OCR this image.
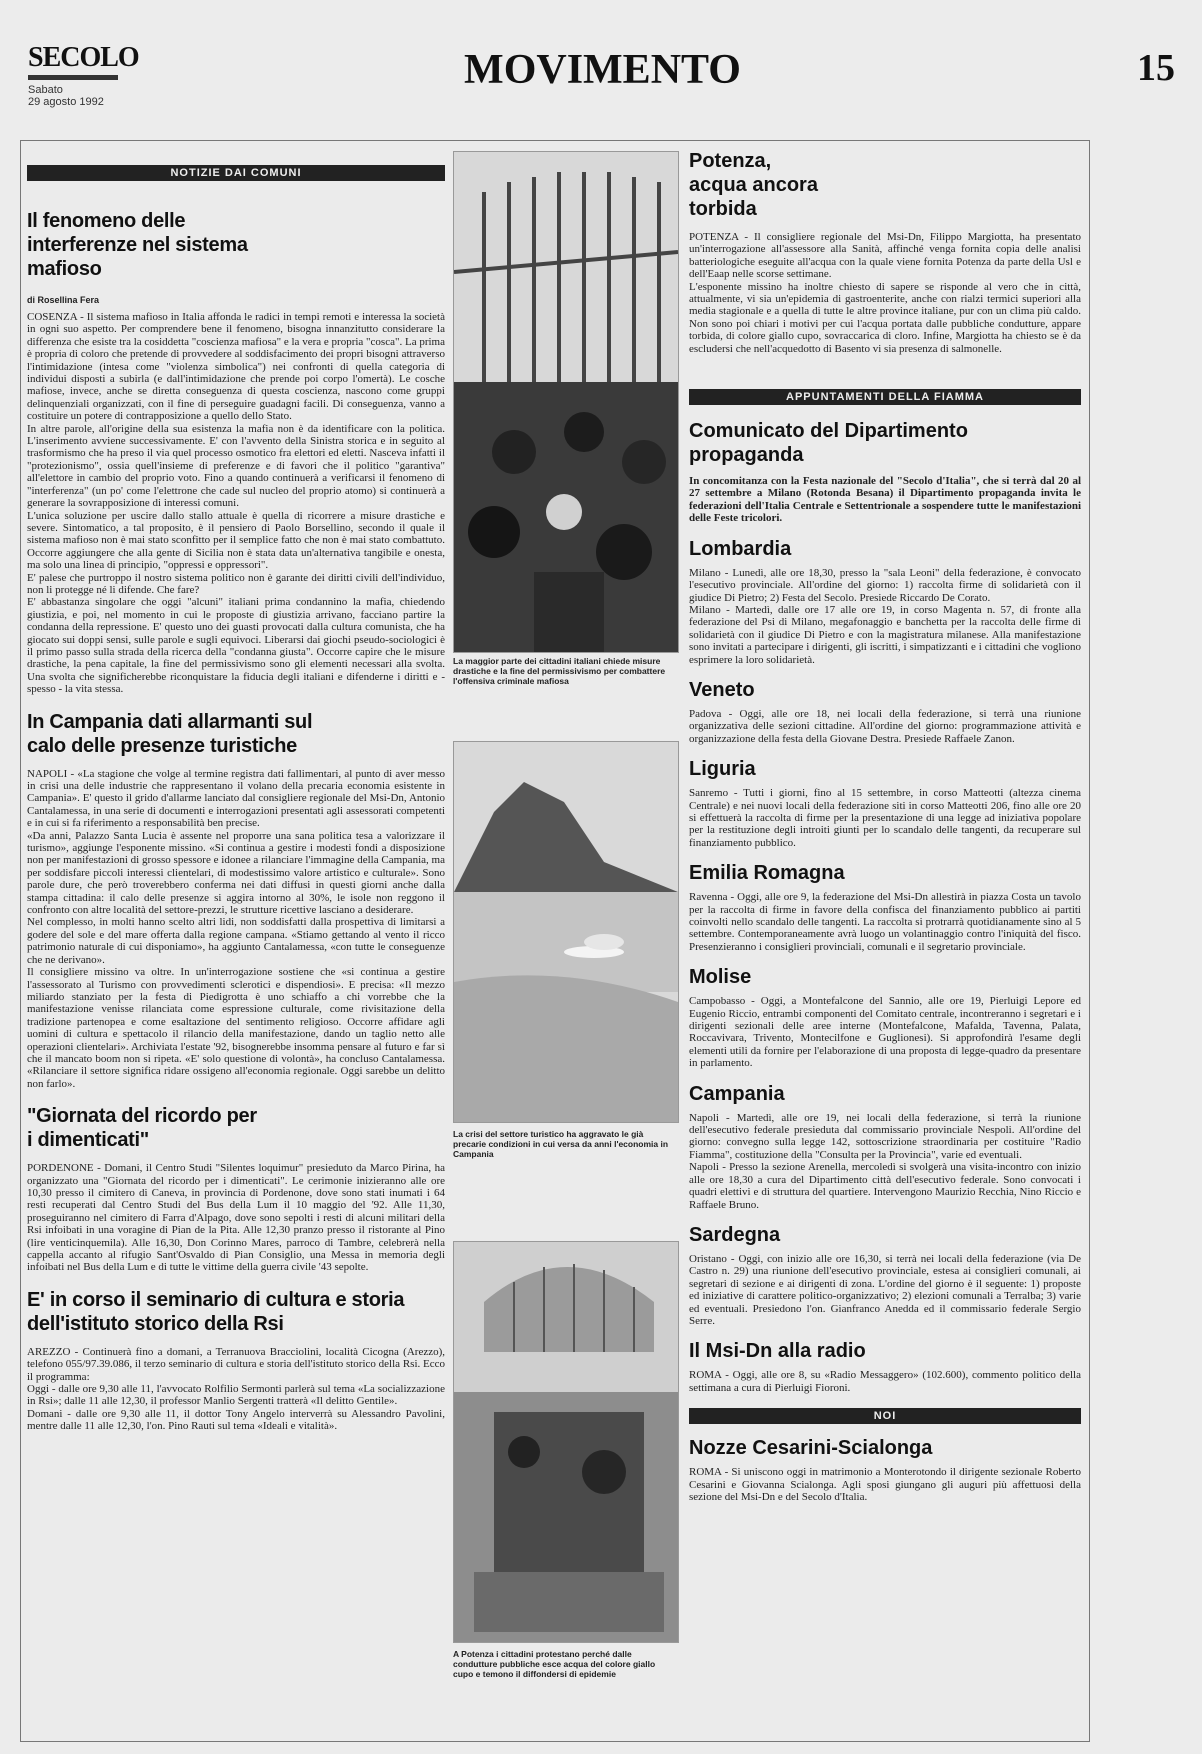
SECOLO
Sabato
29 agosto 1992
MOVIMENTO	15
NOTIZIE DAI COMUNI
Il fenomeno delle interferenze nel sistema mafioso

di Rosellina Fera

COSENZA - Il sistema mafioso in Italia affonda le radici in tempi remoti e interessa la società in ogni suo aspetto. Per comprendere bene il fenomeno, bisogna innanzitutto considerare la differenza che esiste tra la cosiddetta "coscienza mafiosa" e la vera e propria "cosca". La prima è propria di coloro che pretende di provvedere al soddisfacimento dei propri bisogni attraverso l'intimidazione (intesa come "violenza simbolica") nei confronti di quella categoria di individui disposti a subirla (e dall'intimidazione che prende poi corpo l'omertà). Le cosche mafiose, invece, anche se diretta conseguenza di questa coscienza, nascono come gruppi delinquenziali organizzati, con il fine di perseguire guadagni facili. Di conseguenza, vanno a costituire un potere di contrapposizione a quello dello Stato.

In altre parole, all'origine della sua esistenza la mafia non è da identificare con la politica. L'inserimento avviene successivamente. E' con l'avvento della Sinistra storica e in seguito al trasformismo che ha preso il via quel processo osmotico fra elettori ed eletti. Nasceva infatti il "protezionismo", ossia quell'insieme di preferenze e di favori che il politico "garantiva" all'elettore in cambio del proprio voto. Fino a quando continuerà a verificarsi il fenomeno di "interferenza" (un po' come l'elettrone che cade sul nucleo del proprio atomo) si continuerà a generare la sovrapposizione di interessi comuni.

L'unica soluzione per uscire dallo stallo attuale è quella di ricorrere a misure drastiche e severe. Sintomatico, a tal proposito, è il pensiero di Paolo Borsellino, secondo il quale il sistema mafioso non è mai stato sconfitto per il semplice fatto che non è mai stato combattuto. Occorre aggiungere che alla gente di Sicilia non è stata data un'alternativa tangibile e onesta, ma solo una linea di principio, "oppressi e oppressori".

E' palese che purtroppo il nostro sistema politico non è garante dei diritti civili dell'individuo, non li protegge né li difende. Che fare?

E' abbastanza singolare che oggi "alcuni" italiani prima condannino la mafia, chiedendo giustizia, e poi, nel momento in cui le proposte di giustizia arrivano, facciano partire la condanna della repressione. E' questo uno dei guasti provocati dalla cultura comunista, che ha giocato sui doppi sensi, sulle parole e sugli equivoci. Liberarsi dai giochi pseudo-sociologici è il primo passo sulla strada della ricerca della "condanna giusta". Occorre capire che le misure drastiche, la pena capitale, la fine del permissivismo sono gli elementi necessari alla svolta. Una svolta che significherebbe riconquistare la fiducia degli italiani e difenderne i diritti e - spesso - la vita stessa.

In Campania dati allarmanti sul calo delle presenze turistiche

NAPOLI - «La stagione che volge al termine registra dati fallimentari, al punto di aver messo in crisi una delle industrie che rappresentano il volano della precaria economia esistente in Campania». E' questo il grido d'allarme lanciato dal consigliere regionale del Msi-Dn, Antonio Cantalamessa, in una serie di documenti e interrogazioni presentati agli assessorati competenti e in cui si fa riferimento a responsabilità ben precise.

«Da anni, Palazzo Santa Lucia è assente nel proporre una sana politica tesa a valorizzare il turismo», aggiunge l'esponente missino. «Si continua a gestire i modesti fondi a disposizione non per manifestazioni di grosso spessore e idonee a rilanciare l'immagine della Campania, ma per soddisfare piccoli interessi clientelari, di modestissimo valore artistico e culturale». Sono parole dure, che però troverebbero conferma nei dati diffusi in questi giorni anche dalla stampa cittadina: il calo delle presenze si aggira intorno al 30%, le isole non reggono il confronto con altre località del settore-prezzi, le strutture ricettive lasciano a desiderare.

Nel complesso, in molti hanno scelto altri lidi, non soddisfatti dalla prospettiva di limitarsi a godere del sole e del mare offerta dalla regione campana. «Stiamo gettando al vento il ricco patrimonio naturale di cui disponiamo», ha aggiunto Cantalamessa, «con tutte le conseguenze che ne derivano».

Il consigliere missino va oltre. In un'interrogazione sostiene che «si continua a gestire l'assessorato al Turismo con provvedimenti sclerotici e dispendiosi». E precisa: «Il mezzo miliardo stanziato per la festa di Piedigrotta è uno schiaffo a chi vorrebbe che la manifestazione venisse rilanciata come espressione culturale, come rivisitazione della tradizione partenopea e come esaltazione del sentimento religioso. Occorre affidare agli uomini di cultura e spettacolo il rilancio della manifestazione, dando un taglio netto alle operazioni clientelari». Archiviata l'estate '92, bisognerebbe insomma pensare al futuro e far sì che il mancato boom non si ripeta. «E' solo questione di volontà», ha concluso Cantalamessa. «Rilanciare il settore significa ridare ossigeno all'economia regionale. Oggi sarebbe un delitto non farlo».

"Giornata del ricordo per i dimenticati"

PORDENONE - Domani, il Centro Studi "Silentes loquimur" presieduto da Marco Pirina, ha organizzato una "Giornata del ricordo per i dimenticati". Le cerimonie inizieranno alle ore 10,30 presso il cimitero di Caneva, in provincia di Pordenone, dove sono stati inumati i 64 resti recuperati dal Centro Studi del Bus della Lum il 10 maggio del '92. Alle 11,30, proseguiranno nel cimitero di Farra d'Alpago, dove sono sepolti i resti di alcuni militari della Rsi infoibati in una voragine di Pian de la Pita. Alle 12,30 pranzo presso il ristorante al Pino (lire venticinquemila). Alle 16,30, Don Corinno Mares, parroco di Tambre, celebrerà nella cappella accanto al rifugio Sant'Osvaldo di Pian Consiglio, una Messa in memoria degli infoibati nel Bus della Lum e di tutte le vittime della guerra civile '43 sepolte.

E' in corso il seminario di cultura e storia dell'istituto storico della Rsi

AREZZO - Continuerà fino a domani, a Terranuova Bracciolini, località Cicogna (Arezzo), telefono 055/97.39.086, il terzo seminario di cultura e storia dell'istituto storico della Rsi. Ecco il programma:

Oggi - dalle ore 9,30 alle 11, l'avvocato Rolfilio Sermonti parlerà sul tema «La socializzazione in Rsi»; dalle 11 alle 12,30, il professor Manlio Sergenti tratterà «Il delitto Gentile».

Domani - dalle ore 9,30 alle 11, il dottor Tony Angelo interverrà su Alessandro Pavolini, mentre dalle 11 alle 12,30, l'on. Pino Rauti sul tema «Ideali e vitalità».

La maggior parte dei cittadini italiani chiede misure drastiche e la fine del permissivismo per combattere l'offensiva criminale mafiosa
La crisi del settore turistico ha aggravato le già precarie condizioni in cui versa da anni l'economia in Campania
A Potenza i cittadini protestano perché dalle condutture pubbliche esce acqua del colore giallo cupo e temono il diffondersi di epidemie
Potenza, acqua ancora torbida

POTENZA - Il consigliere regionale del Msi-Dn, Filippo Margiotta, ha presentato un'interrogazione all'assessore alla Sanità, affinché venga fornita copia delle analisi batteriologiche eseguite all'acqua con la quale viene fornita Potenza da parte della Usl e dell'Eaap nelle scorse settimane.

L'esponente missino ha inoltre chiesto di sapere se risponde al vero che in città, attualmente, vi sia un'epidemia di gastroenterite, anche con rialzi termici superiori alla media stagionale e a quella di tutte le altre province italiane, pur con un clima più caldo. Non sono poi chiari i motivi per cui l'acqua portata dalle pubbliche condutture, appare torbida, di colore giallo cupo, sovraccarica di cloro. Infine, Margiotta ha chiesto se è da escludersi che nell'acquedotto di Basento vi sia presenza di salmonelle.

APPUNTAMENTI DELLA FIAMMA
Comunicato del Dipartimento propaganda

In concomitanza con la Festa nazionale del "Secolo d'Italia", che si terrà dal 20 al 27 settembre a Milano (Rotonda Besana) il Dipartimento propaganda invita le federazioni dell'Italia Centrale e Settentrionale a sospendere tutte le manifestazioni delle Feste tricolori.

Lombardia

Milano - Lunedì, alle ore 18,30, presso la "sala Leoni" della federazione, è convocato l'esecutivo provinciale. All'ordine del giorno: 1) raccolta firme di solidarietà con il giudice Di Pietro; 2) Festa del Secolo. Presiede Riccardo De Corato.

Milano - Martedì, dalle ore 17 alle ore 19, in corso Magenta n. 57, di fronte alla federazione del Psi di Milano, megafonaggio e banchetta per la raccolta delle firme di solidarietà con il giudice Di Pietro e con la magistratura milanese. Alla manifestazione sono invitati a partecipare i dirigenti, gli iscritti, i simpatizzanti e i cittadini che vogliono esprimere la loro solidarietà.

Veneto

Padova - Oggi, alle ore 18, nei locali della federazione, si terrà una riunione organizzativa delle sezioni cittadine. All'ordine del giorno: programmazione attività e organizzazione della festa della Giovane Destra. Presiede Raffaele Zanon.

Liguria

Sanremo - Tutti i giorni, fino al 15 settembre, in corso Matteotti (altezza cinema Centrale) e nei nuovi locali della federazione siti in corso Matteotti 206, fino alle ore 20 si effettuerà la raccolta di firme per la presentazione di una legge ad iniziativa popolare per la restituzione degli introiti giunti per lo scandalo delle tangenti, da recuperare sul finanziamento pubblico.

Emilia Romagna

Ravenna - Oggi, alle ore 9, la federazione del Msi-Dn allestirà in piazza Costa un tavolo per la raccolta di firme in favore della confisca del finanziamento pubblico ai partiti coinvolti nello scandalo delle tangenti. La raccolta si protrarrà quotidianamente sino al 5 settembre. Contemporaneamente avrà luogo un volantinaggio contro l'iniquità del fisco. Presenzieranno i consiglieri provinciali, comunali e il segretario provinciale.

Molise

Campobasso - Oggi, a Montefalcone del Sannio, alle ore 19, Pierluigi Lepore ed Eugenio Riccio, entrambi componenti del Comitato centrale, incontreranno i segretari e i dirigenti sezionali delle aree interne (Montefalcone, Mafalda, Tavenna, Palata, Roccavivara, Trivento, Montecilfone e Guglionesi). Si approfondirà l'esame degli elementi utili da fornire per l'elaborazione di una proposta di legge-quadro da presentare in parlamento.

Campania

Napoli - Martedì, alle ore 19, nei locali della federazione, si terrà la riunione dell'esecutivo federale presieduta dal commissario provinciale Nespoli. All'ordine del giorno: convegno sulla legge 142, sottoscrizione straordinaria per costituire "Radio Fiamma", costituzione della "Consulta per la Provincia", varie ed eventuali.

Napoli - Presso la sezione Arenella, mercoledì si svolgerà una visita-incontro con inizio alle ore 18,30 a cura del Dipartimento città dell'esecutivo federale. Sono convocati i quadri elettivi e di struttura del quartiere. Intervengono Maurizio Recchia, Nino Riccio e Raffaele Bruno.

Sardegna

Oristano - Oggi, con inizio alle ore 16,30, si terrà nei locali della federazione (via De Castro n. 29) una riunione dell'esecutivo provinciale, estesa ai consiglieri comunali, ai segretari di sezione e ai dirigenti di zona. L'ordine del giorno è il seguente: 1) proposte ed iniziative di carattere politico-organizzativo; 2) elezioni comunali a Terralba; 3) varie ed eventuali. Presiedono l'on. Gianfranco Anedda ed il commissario federale Sergio Serre.

Il Msi-Dn alla radio

ROMA - Oggi, alle ore 8, su «Radio Messaggero» (102.600), commento politico della settimana a cura di Pierluigi Fioroni.

NOI
Nozze Cesarini-Scialonga

ROMA - Si uniscono oggi in matrimonio a Monterotondo il dirigente sezionale Roberto Cesarini e Giovanna Scialonga. Agli sposi giungano gli auguri più affettuosi della sezione del Msi-Dn e del Secolo d'Italia.
